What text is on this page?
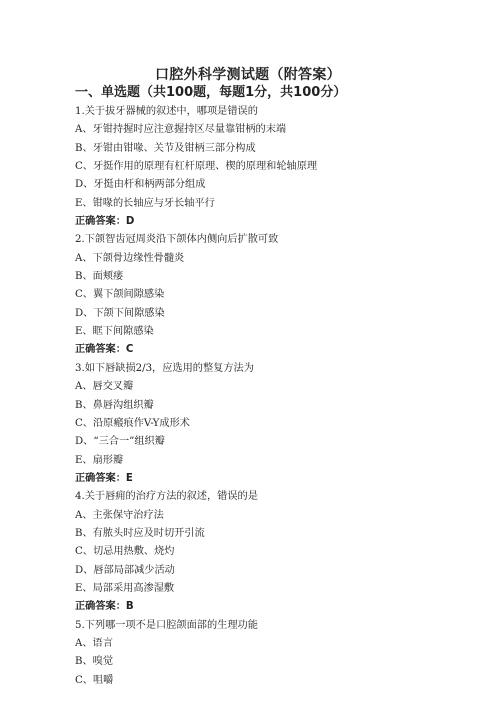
口腔外科学测试题（附答案）
一、单选题（共100题，每题1分，共100分）
1.关于拔牙器械的叙述中，哪项是错误的
A、牙钳持握时应注意握持区尽量靠钳柄的末端
B、牙钳由钳喙、关节及钳柄三部分构成
C、牙挺作用的原理有杠杆原理、楔的原理和轮轴原理
D、牙挺由杆和柄两部分组成
E、钳喙的长轴应与牙长轴平行
正确答案：D
2.下颌智齿冠周炎沿下颌体内侧向后扩散可致
A、下颌骨边缘性骨髓炎
B、面颊瘘
C、翼下颌间隙感染
D、下颌下间隙感染
E、眶下间隙感染
正确答案：C
3.如下唇缺损2/3，应选用的整复方法为
A、唇交叉瓣
B、鼻唇沟组织瓣
C、沿原瘢痕作V-Y成形术
D、“三合一”组织瓣
E、扇形瓣
正确答案：E
4.关于唇痈的治疗方法的叙述，错误的是
A、主张保守治疗法
B、有脓头时应及时切开引流
C、切忌用热敷、烧灼
D、唇部局部减少活动
E、局部采用高渗湿敷
正确答案：B
5.下列哪一项不是口腔颌面部的生理功能
A、语言
B、嗅觉
C、咀嚼
